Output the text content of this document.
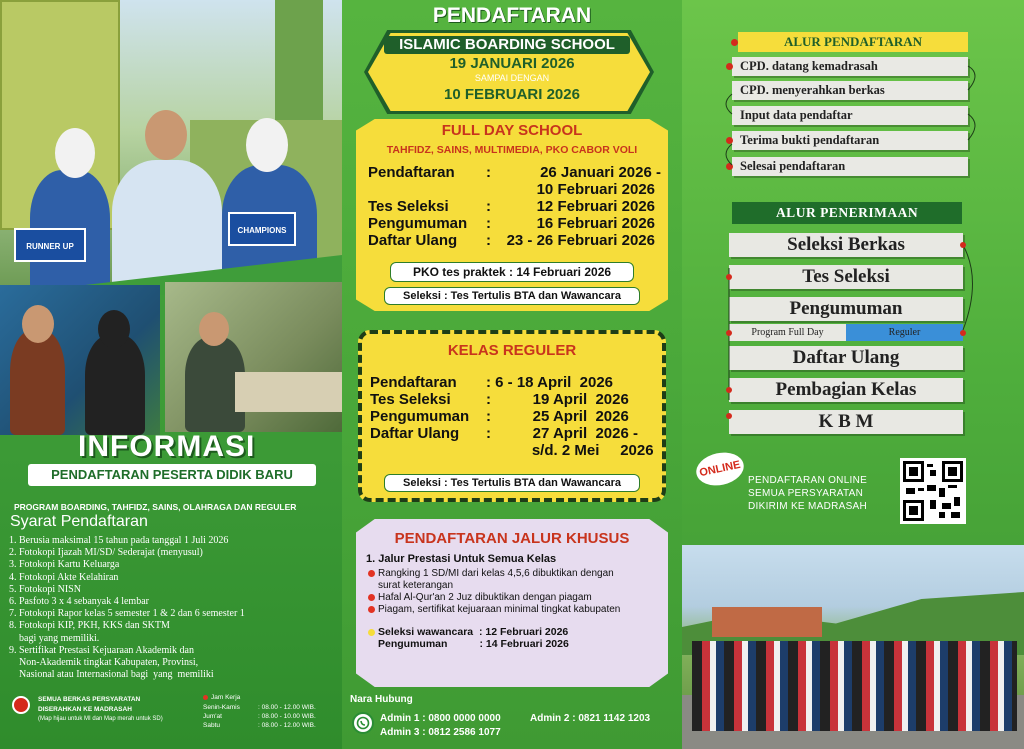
RUNNER UP
CHAMPIONS
INFORMASI
PENDAFTARAN PESERTA DIDIK BARU
PROGRAM BOARDING, TAHFIDZ, SAINS, OLAHRAGA DAN REGULER
Syarat Pendaftaran
1. Berusia maksimal 15 tahun pada tanggal 1 Juli 2026
2. Fotokopi Ijazah MI/SD/ Sederajat (menyusul)
3. Fotokopi Kartu Keluarga
4. Fotokopi Akte Kelahiran
5. Fotokopi NISN
6. Pasfoto 3 x 4 sebanyak 4 lembar
7. Fotokopi Rapor kelas 5 semester 1 & 2 dan 6 semester 1
8. Fotokopi KIP, PKH, KKS dan SKTM
bagi yang memiliki.
9. Sertifikat Prestasi Kejuaraan Akademik dan
Non-Akademik tingkat Kabupaten, Provinsi,
Nasional atau Internasional bagi  yang  memiliki
SEMUA BERKAS PERSYARATAN
DISERAHKAN KE MADRASAH
(Map hijau untuk MI dan Map merah untuk SD)
Jam Kerja
Senin-Kamis	: 08.00 - 12.00 WIB.
Jum'at	: 08.00 - 10.00 WIB.
Sabtu	: 08.00 - 12.00 WIB.
PENDAFTARAN
ISLAMIC BOARDING SCHOOL
19 JANUARI 2026
SAMPAI DENGAN
10 FEBRUARI 2026
FULL DAY SCHOOL
TAHFIDZ, SAINS, MULTIMEDIA, PKO CABOR VOLI
Pendaftaran	:	26 Januari 2026 -
		10 Februari 2026
Tes Seleksi	:	12 Februari 2026
Pengumuman	:	16 Februari 2026
Daftar Ulang	:	23 - 26 Februari 2026
PKO tes praktek : 14 Februari 2026
Seleksi : Tes Tertulis BTA dan Wawancara
KELAS REGULER
Pendaftaran	: 6 - 18 April  2026
Tes Seleksi	:          19 April  2026
Pengumuman	:          25 April  2026
Daftar Ulang	:          27 April  2026 -
	s/d. 2 Mei     2026
Seleksi : Tes Tertulis BTA dan Wawancara
PENDAFTARAN JALUR KHUSUS
1. Jalur Prestasi Untuk Semua Kelas
Rangking 1 SD/MI dari kelas 4,5,6 dibuktikan dengan
surat keterangan
Hafal Al-Qur'an 2 Juz dibuktikan dengan piagam
Piagam, sertifikat kejuaraan minimal tingkat kabupaten
Seleksi wawancara  : 12 Februari 2026
Pengumuman           : 14 Februari 2026
Nara Hubung
Admin 1 : 0800 0000 0000	Admin 2 : 0821 1142 1203
Admin 3 : 0812 2586 1077
ALUR PENDAFTARAN
CPD. datang kemadrasah
CPD. menyerahkan berkas
Input data pendaftar
Terima bukti pendaftaran
Selesai pendaftaran
ALUR PENERIMAAN
Seleksi Berkas
Tes Seleksi
Pengumuman
Program Full Day	Reguler
Daftar Ulang
Pembagian Kelas
K B M
ONLINE
PENDAFTARAN ONLINE
SEMUA PERSYARATAN
DIKIRIM KE MADRASAH
